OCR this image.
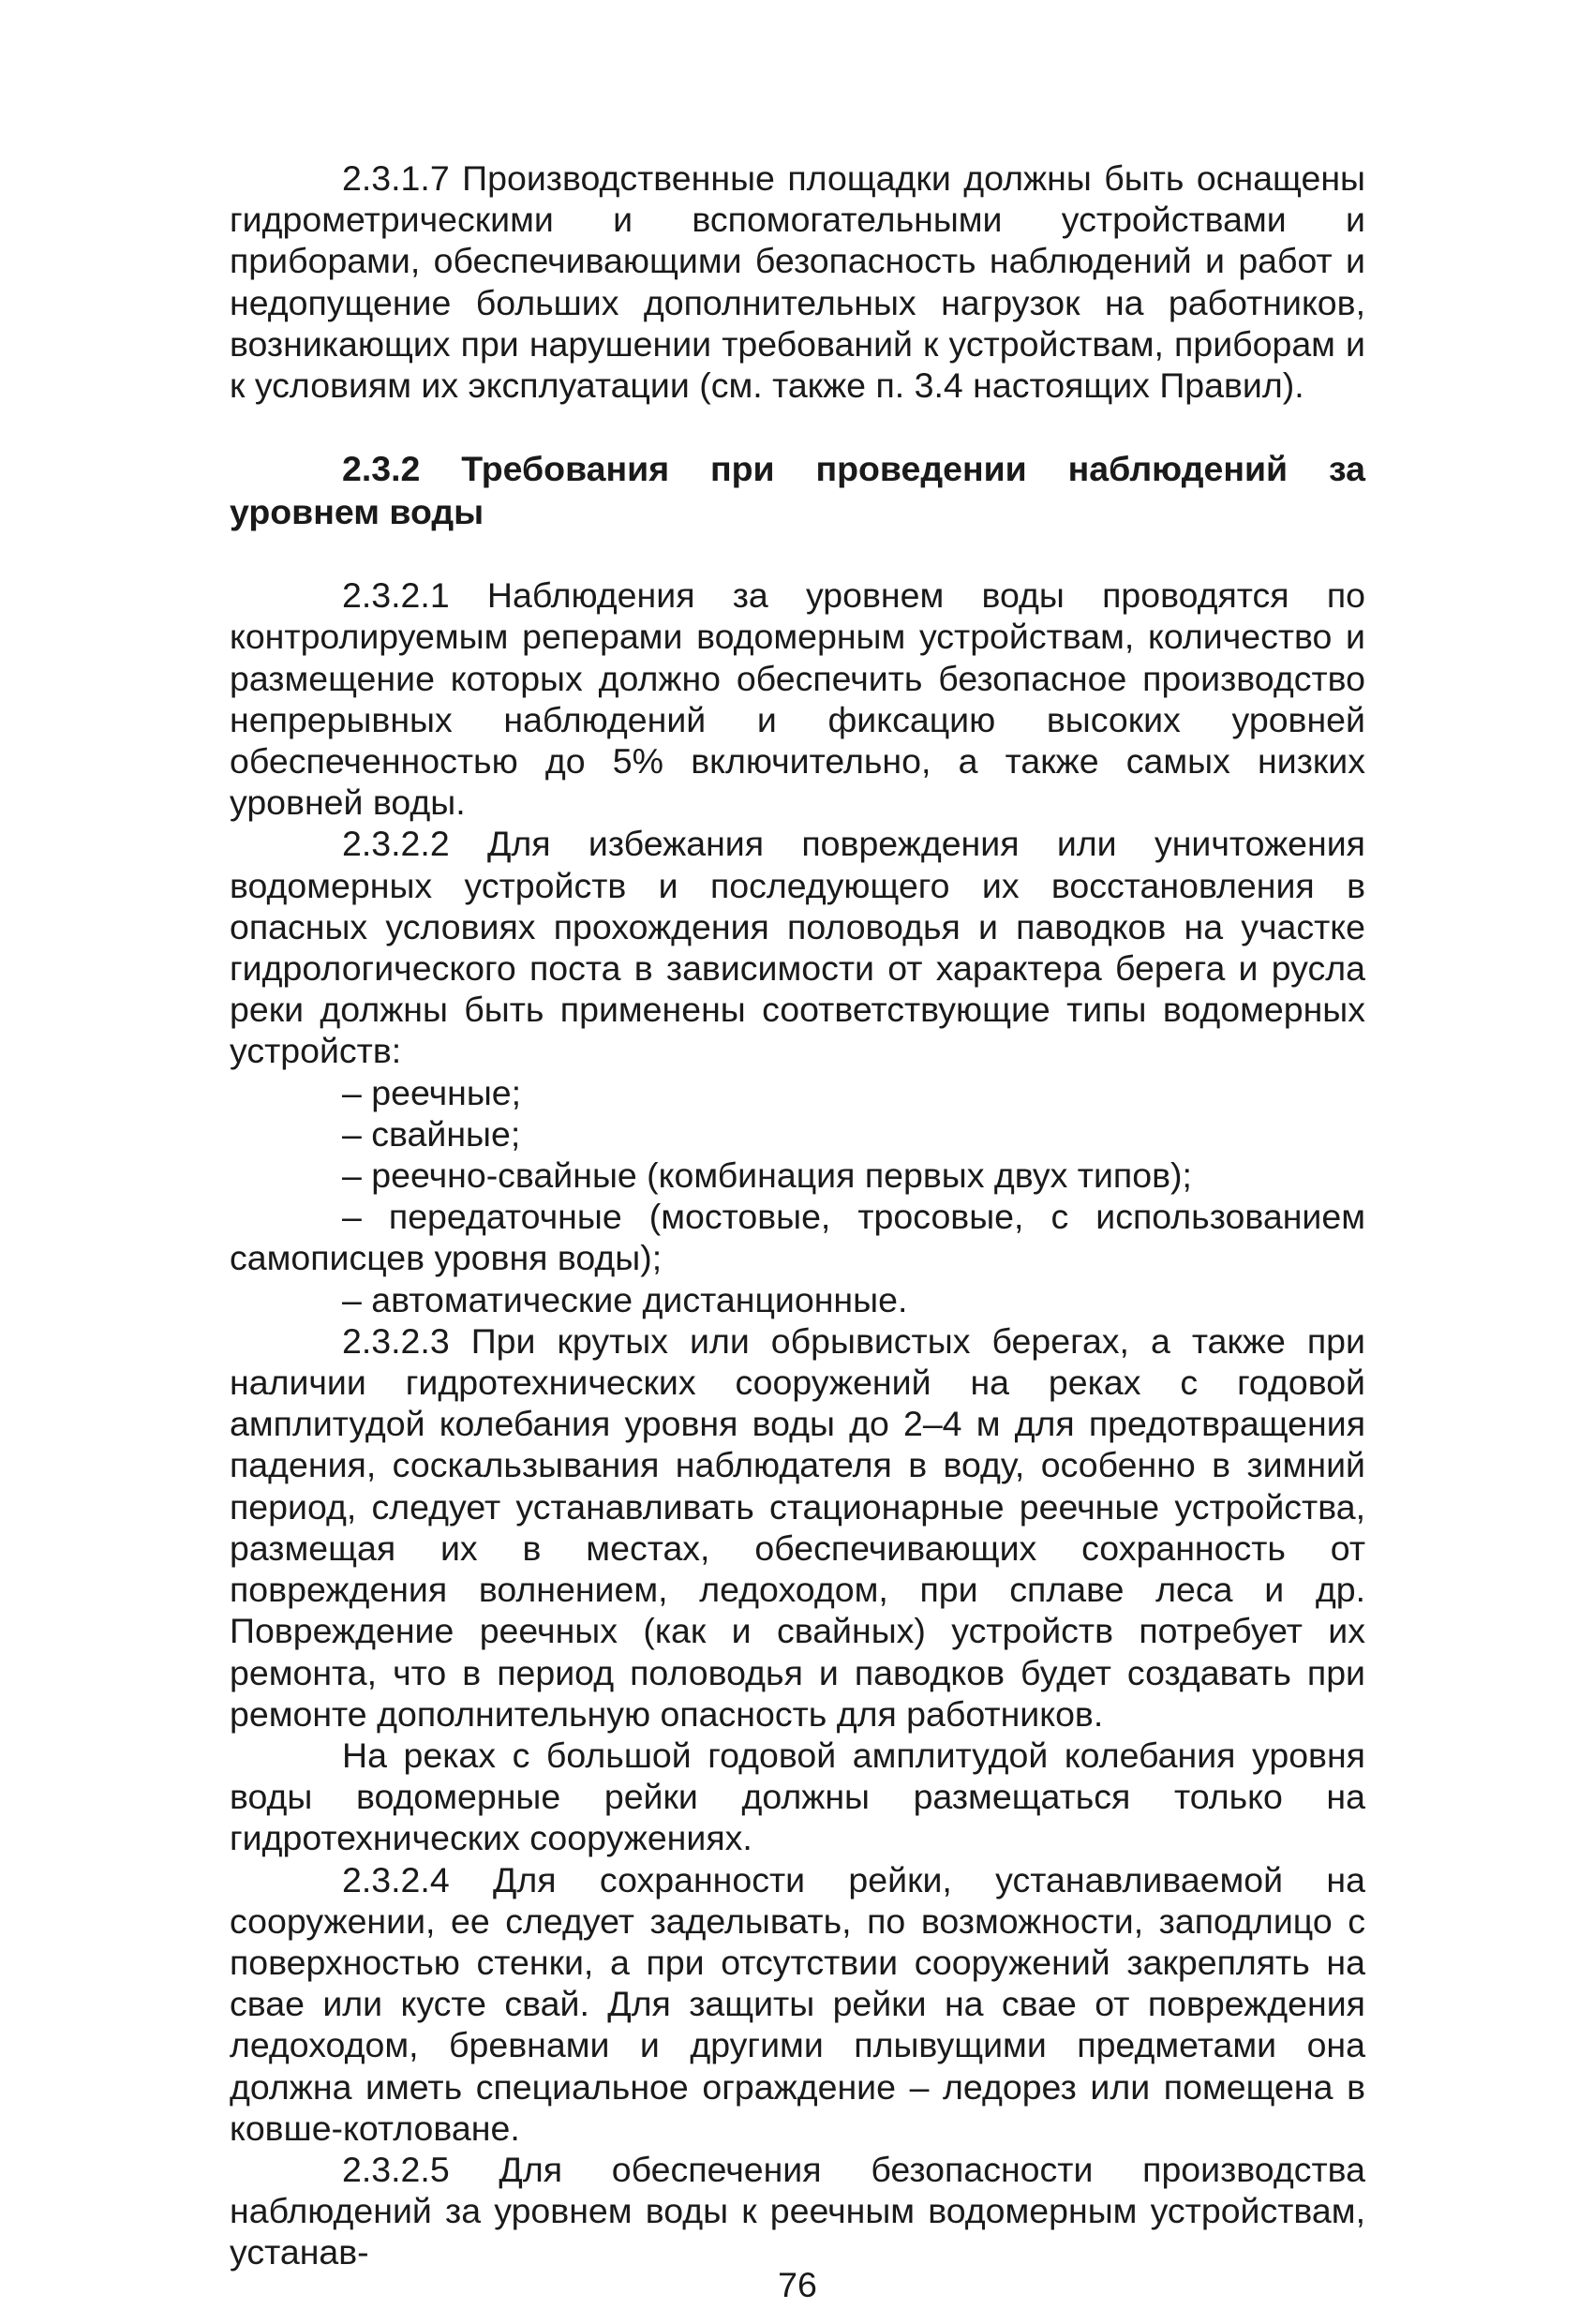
2.3.1.7 Производственные площадки должны быть оснащены гидрометрическими и вспомогательными устройствами и приборами, обеспечивающими безопасность наблюдений и работ и недопущение больших дополнительных нагрузок на работников, возникающих при нарушении требований к устройствам, приборам и к условиям их эксплуатации (см. также п. 3.4 настоящих Правил).

2.3.2 Требования при проведении наблюдений за уровнем воды

2.3.2.1 Наблюдения за уровнем воды проводятся по контролируемым реперами водомерным устройствам, количество и размещение которых должно обеспечить безопасное производство непрерывных наблюдений и фиксацию высоких уровней обеспеченностью до 5% включительно, а также самых низких уровней воды.

2.3.2.2 Для избежания повреждения или уничтожения водомерных устройств и последующего их восстановления в опасных условиях прохождения половодья и паводков на участке гидрологического поста в зависимости от характера берега и русла реки должны быть применены соответствующие типы водомерных устройств:

– реечные;

– свайные;

– реечно-свайные (комбинация первых двух типов);

– передаточные (мостовые, тросовые, с использованием самописцев уровня воды);

– автоматические дистанционные.

2.3.2.3 При крутых или обрывистых берегах, а также при наличии гидротехнических сооружений на реках с годовой амплитудой колебания уровня воды до 2–4 м для предотвращения падения, соскальзывания наблюдателя в воду, особенно в зимний период, следует устанавливать стационарные реечные устройства, размещая их в местах, обеспечивающих сохранность от повреждения волнением, ледоходом, при сплаве леса и др. Повреждение реечных (как и свайных) устройств потребует их ремонта, что в период половодья и паводков будет создавать при ремонте дополнительную опасность для работников.

На реках с большой годовой амплитудой колебания уровня воды водомерные рейки должны размещаться только на гидротехнических сооружениях.

2.3.2.4 Для сохранности рейки, устанавливаемой на сооружении, ее следует заделывать, по возможности, заподлицо с поверхностью стенки, а при отсутствии сооружений закреплять на свае или кусте свай. Для защиты рейки на свае от повреждения ледоходом, бревнами и другими плывущими предметами она должна иметь специальное ограждение – ледорез или помещена в ковше-котловане.

2.3.2.5 Для обеспечения безопасности производства наблюдений за уровнем воды к реечным водомерным устройствам, устанав-

76
